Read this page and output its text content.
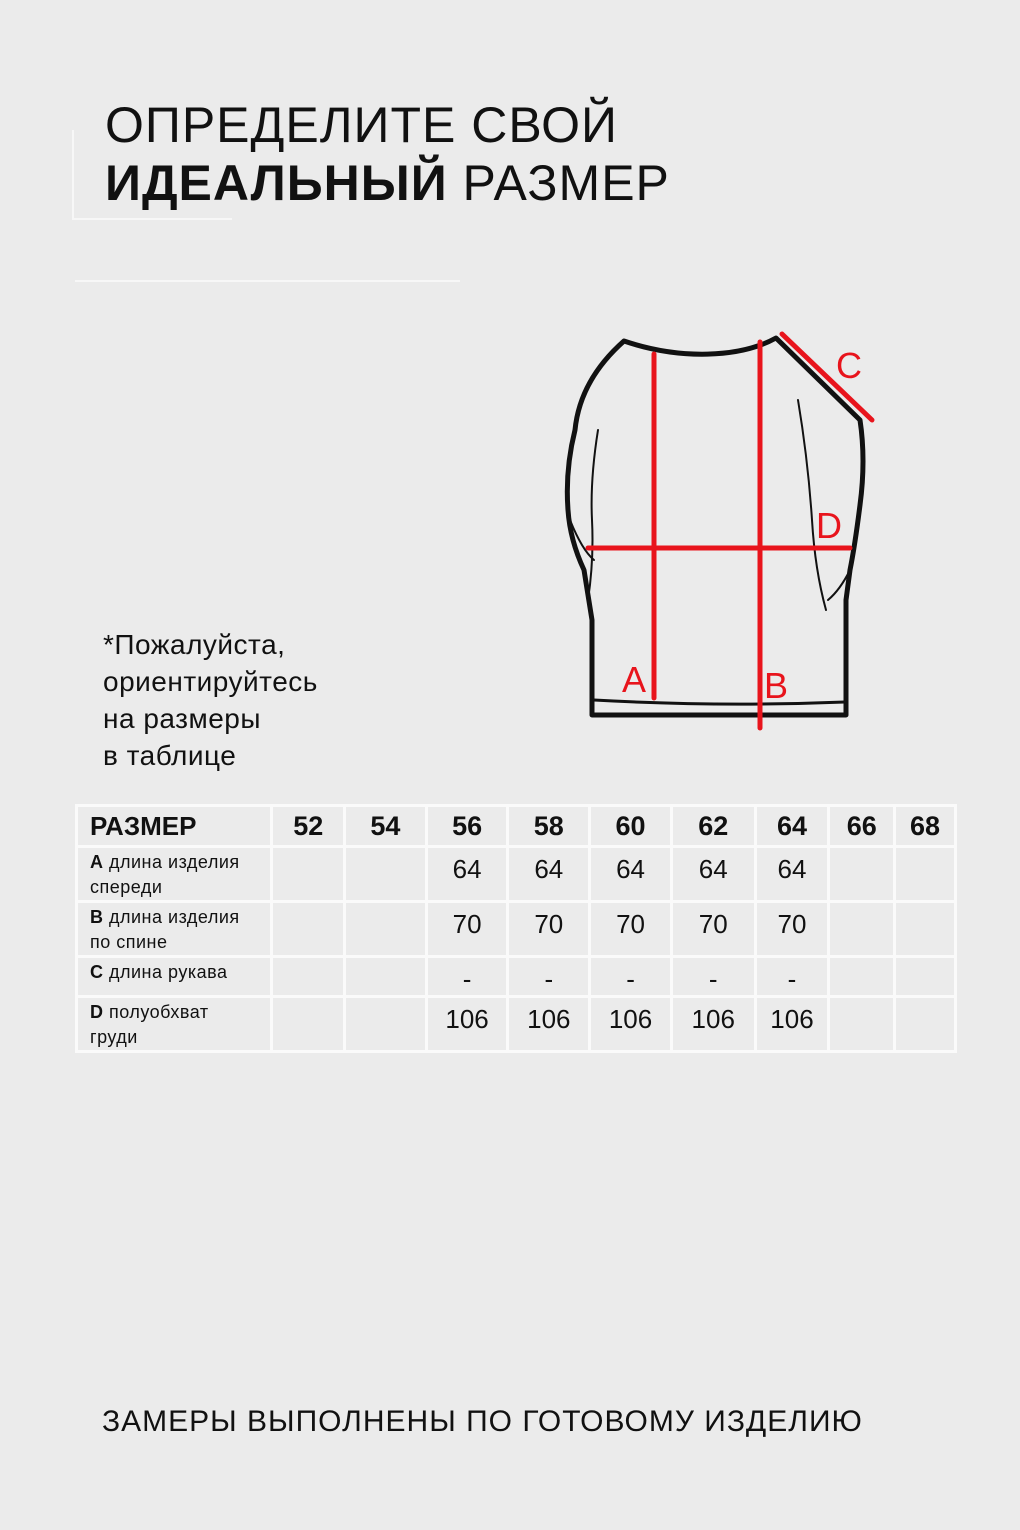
ОПРЕДЕЛИТЕ СВОЙ
ИДЕАЛЬНЫЙ РАЗМЕР
A	B
C
D
*Пожалуйста,
ориентируйтесь
на размеры
в таблице
РАЗМЕР	52	54	56	58	60	62	64	66	68
A длина изделия
спереди			64	64	64	64	64		
B длина изделия
по спине			70	70	70	70	70		
C длина рукава			-	-	-	-	-		
D полуобхват
груди			106	106	106	106	106		
ЗАМЕРЫ ВЫПОЛНЕНЫ ПО ГОТОВОМУ ИЗДЕЛИЮ
